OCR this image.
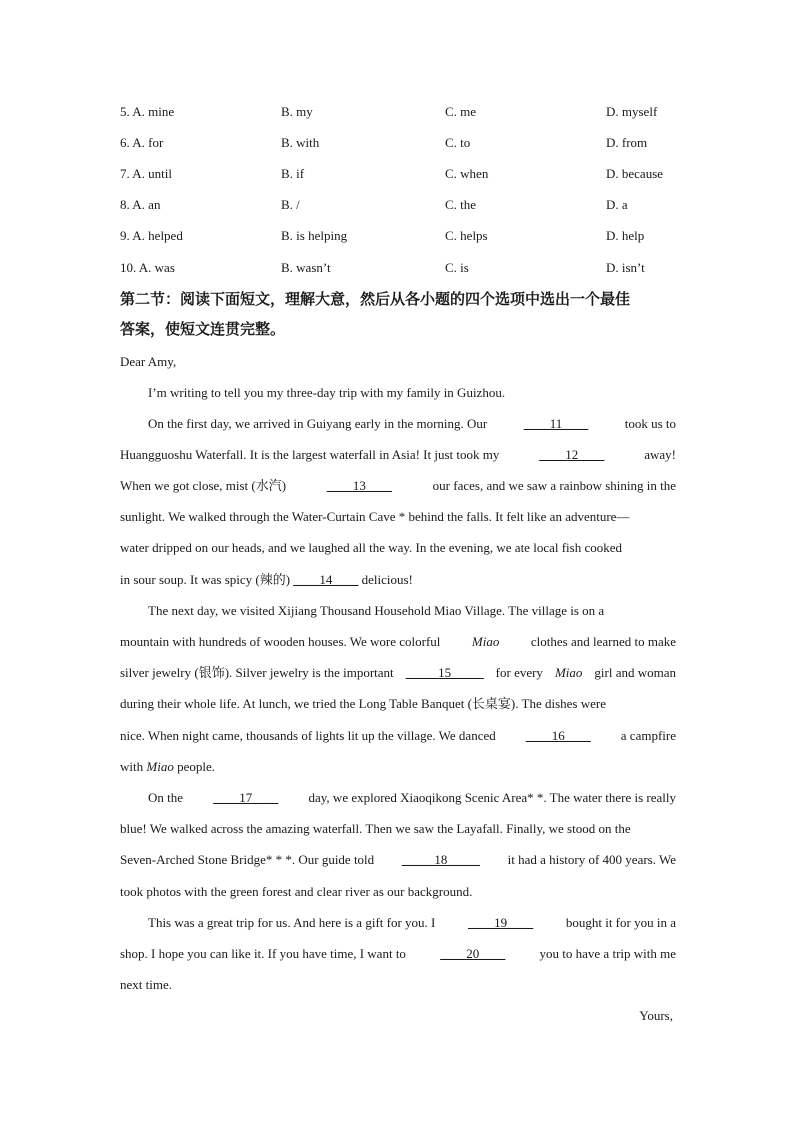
5. A. mine	B. my	C. me	D. myself
6. A. for	B. with	C. to	D. from
7. A. until	B. if	C. when	D. because
8. A. an	B. /	C. the	D. a
9. A. helped	B. is helping	C. helps	D. help
10. A. was	B. wasn’t	C. is	D. isn’t
第二节：阅读下面短文，理解大意，然后从各小题的四个选项中选出一个最佳
答案，使短文连贯完整。
Dear Amy,
I’m writing to tell you my three-day trip with my family in Guizhou.
On the first day, we arrived in Guiyang early in the morning. Our	____11____	took us to
Huangguoshu Waterfall. It is the largest waterfall in Asia! It just took my	____12____	away!
When we got close, mist (水汽)	____13____	our faces, and we saw a rainbow shining in the
sunlight. We walked through the Water-Curtain Cave * behind the falls. It felt like an adventure—
water dripped on our heads, and we laughed all the way. In the evening, we ate local fish cooked
in sour soup. It was spicy (辣的) ____14____ delicious!
The next day, we visited Xijiang Thousand Household Miao Village. The village is on a
mountain with hundreds of wooden houses. We wore colorful Miao clothes and learned to make
silver jewelry (银饰). Silver jewelry is the important _____15_____ for every Miao girl and woman
during their whole life. At lunch, we tried the Long Table Banquet (长桌宴). The dishes were
nice. When night came, thousands of lights lit up the village. We danced ____16____ a campfire
with Miao people.
On the ____17____ day, we explored Xiaoqikong Scenic Area* *. The water there is really
blue! We walked across the amazing waterfall. Then we saw the Layafall. Finally, we stood on the
Seven-Arched Stone Bridge* * *. Our guide told _____18_____ it had a history of 400 years. We
took photos with the green forest and clear river as our background.
This was a great trip for us. And here is a gift for you. I	____19____	bought it for you in a
shop. I hope you can like it. If you have time, I want to	____20____	you to have a trip with me
next time.
Yours,
